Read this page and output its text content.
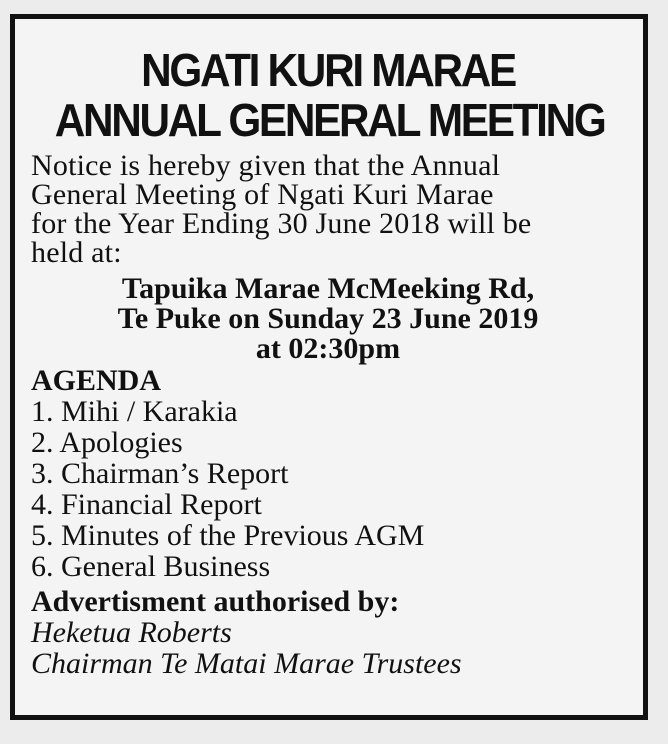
NGATI KURI MARAE
ANNUAL GENERAL MEETING
Notice is hereby given that the Annual
General Meeting of Ngati Kuri Marae
for the Year Ending 30 June 2018 will be
held at:
Tapuika Marae McMeeking Rd,
Te Puke on Sunday 23 June 2019
at 02:30pm
AGENDA
1. Mihi / Karakia
2. Apologies
3. Chairman’s Report
4. Financial Report
5. Minutes of the Previous AGM
6. General Business
Advertisment authorised by:
Heketua Roberts
Chairman Te Matai Marae Trustees
